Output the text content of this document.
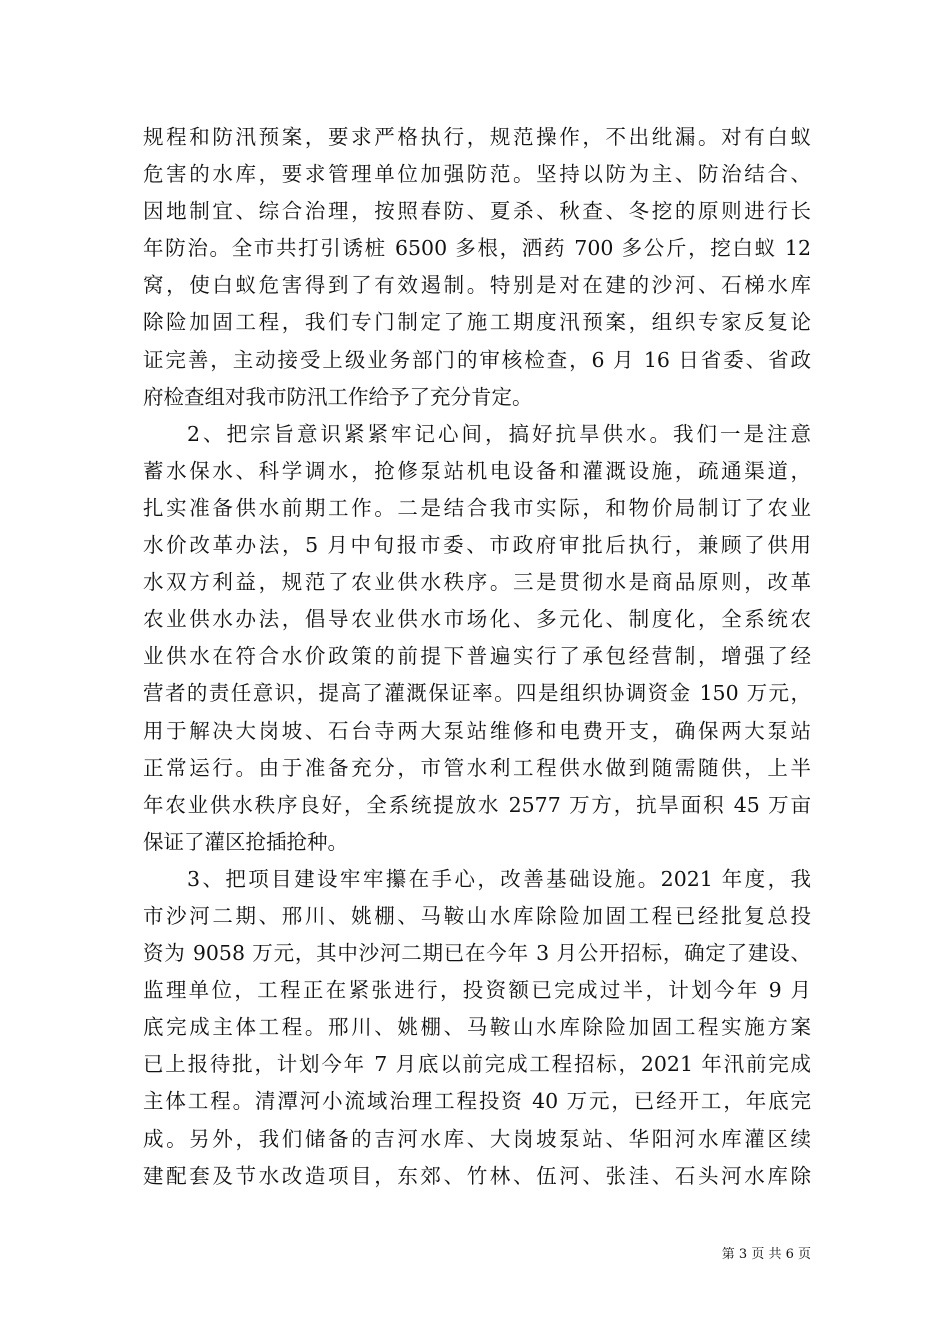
规程和防汛预案，要求严格执行，规范操作，不出纰漏。对有白蚁
危害的水库，要求管理单位加强防范。坚持以防为主、防治结合、
因地制宜、综合治理，按照春防、夏杀、秋查、冬挖的原则进行长
年防治。全市共打引诱桩 6500 多根，洒药 700 多公斤，挖白蚁 12
窝，使白蚁危害得到了有效遏制。特别是对在建的沙河、石梯水库
除险加固工程，我们专门制定了施工期度汛预案，组织专家反复论
证完善，主动接受上级业务部门的审核检查，6 月 16 日省委、省政
府检查组对我市防汛工作给予了充分肯定。
2、把宗旨意识紧紧牢记心间，搞好抗旱供水。我们一是注意
蓄水保水、科学调水，抢修泵站机电设备和灌溉设施，疏通渠道，
扎实准备供水前期工作。二是结合我市实际，和物价局制订了农业
水价改革办法，5 月中旬报市委、市政府审批后执行，兼顾了供用
水双方利益，规范了农业供水秩序。三是贯彻水是商品原则，改革
农业供水办法，倡导农业供水市场化、多元化、制度化，全系统农
业供水在符合水价政策的前提下普遍实行了承包经营制，增强了经
营者的责任意识，提高了灌溉保证率。四是组织协调资金 150 万元，
用于解决大岗坡、石台寺两大泵站维修和电费开支，确保两大泵站
正常运行。由于准备充分，市管水利工程供水做到随需随供，上半
年农业供水秩序良好，全系统提放水 2577 万方，抗旱面积 45 万亩
保证了灌区抢插抢种。
3、把项目建设牢牢攥在手心，改善基础设施。2021 年度，我
市沙河二期、邢川、姚棚、马鞍山水库除险加固工程已经批复总投
资为 9058 万元，其中沙河二期已在今年 3 月公开招标，确定了建设、
监理单位，工程正在紧张进行，投资额已完成过半，计划今年 9 月
底完成主体工程。邢川、姚棚、马鞍山水库除险加固工程实施方案
已上报待批，计划今年 7 月底以前完成工程招标，2021 年汛前完成
主体工程。清潭河小流域治理工程投资 40 万元，已经开工，年底完
成。另外，我们储备的吉河水库、大岗坡泵站、华阳河水库灌区续
建配套及节水改造项目，东郊、竹林、伍河、张洼、石头河水库除
第 3 页 共 6 页
